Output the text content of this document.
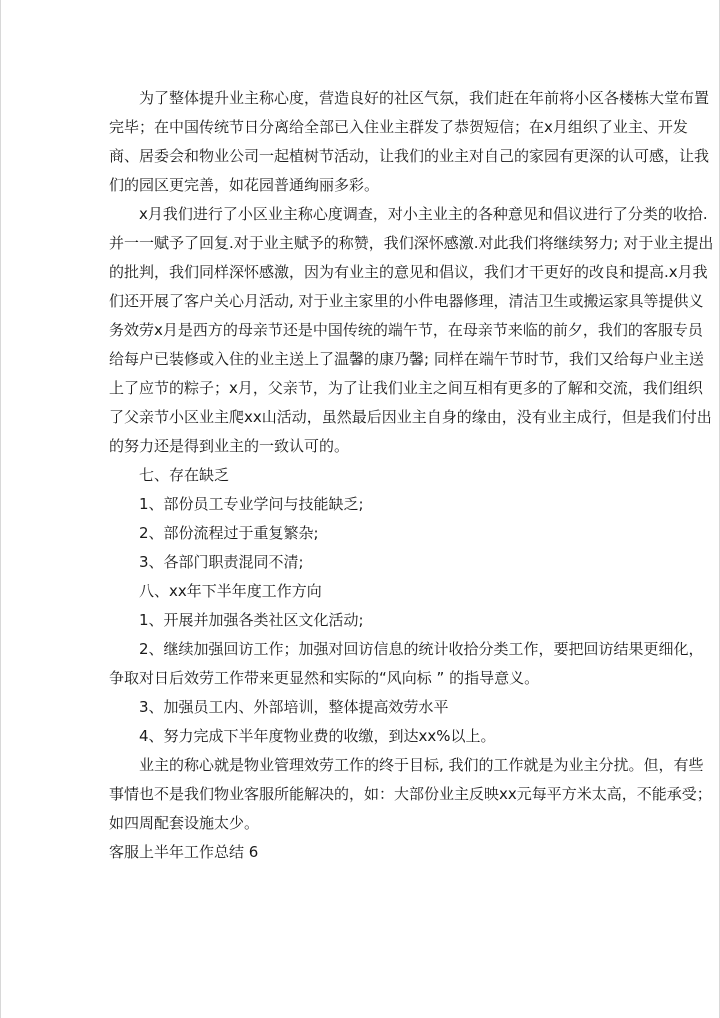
为了整体提升业主称心度，营造良好的社区气氛，我们赶在年前将小区各楼栋大堂布置完毕；在中国传统节日分离给全部已入住业主群发了恭贺短信；在x月组织了业主、开发商、居委会和物业公司一起植树节活动，让我们的业主对自己的家园有更深的认可感，让我们的园区更完善，如花园普通绚丽多彩。

x月我们进行了小区业主称心度调查，对小主业主的各种意见和倡议进行了分类的收拾.并一一赋予了回复.对于业主赋予的称赞，我们深怀感激.对此我们将继续努力; 对于业主提出的批判，我们同样深怀感激，因为有业主的意见和倡议，我们才干更好的改良和提高.x月我们还开展了客户关心月活动, 对于业主家里的小件电器修理，清洁卫生或搬运家具等提供义务效劳x月是西方的母亲节还是中国传统的端午节，在母亲节来临的前夕，我们的客服专员给每户已装修或入住的业主送上了温馨的康乃馨; 同样在端午节时节，我们又给每户业主送上了应节的粽子；x月，父亲节，为了让我们业主之间互相有更多的了解和交流，我们组织了父亲节小区业主爬xx山活动，虽然最后因业主自身的缘由，没有业主成行，但是我们付出的努力还是得到业主的一致认可的。

七、存在缺乏

1、部份员工专业学问与技能缺乏;

2、部份流程过于重复繁杂;

3、各部门职责混同不清;

八、xx年下半年度工作方向

1、开展并加强各类社区文化活动;

2、继续加强回访工作；加强对回访信息的统计收拾分类工作，要把回访结果更细化，争取对日后效劳工作带来更显然和实际的“风向标 ” 的指导意义。

3、加强员工内、外部培训，整体提高效劳水平

4、努力完成下半年度物业费的收缴，到达xx%以上。

业主的称心就是物业管理效劳工作的终于目标, 我们的工作就是为业主分扰。但，有些事情也不是我们物业客服所能解决的，如：大部份业主反映xx元每平方米太高，不能承受；如四周配套设施太少。

客服上半年工作总结 6
